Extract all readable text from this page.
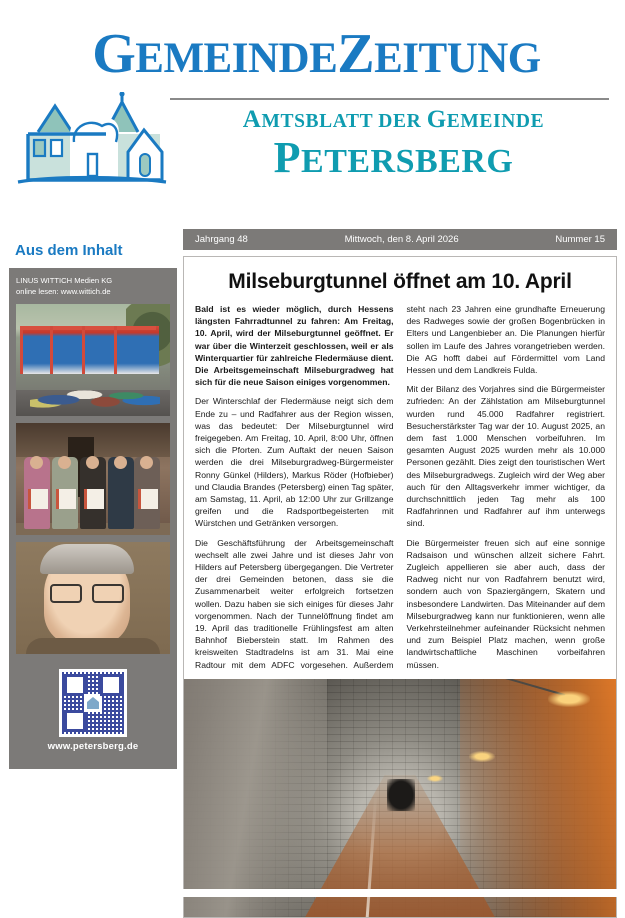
GEMEINDEZEITUNG
AMTSBLATT DER GEMEINDE
PETERSBERG
Jahrgang 48	Mittwoch, den 8. April 2026	Nummer 15
Aus dem Inhalt
LINUS WITTICH Medien KG
online lesen: www.wittich.de
www.petersberg.de
Milseburgtunnel öffnet am 10. April

Bald ist es wieder möglich, durch Hessens längsten Fahrradtunnel zu fahren: Am Freitag, 10. April, wird der Milseburgtunnel geöffnet. Er war über die Winterzeit geschlossen, weil er als Winterquartier für zahlreiche Fledermäuse dient. Die Arbeitsgemeinschaft Milseburgradweg hat sich für die neue Saison einiges vorgenommen.

Der Winterschlaf der Fledermäuse neigt sich dem Ende zu – und Radfahrer aus der Region wissen, was das bedeutet: Der Milseburgtunnel wird freigegeben. Am Freitag, 10. April, 8:00 Uhr, öffnen sich die Pforten. Zum Auftakt der neuen Saison werden die drei Milseburgradweg-Bürgermeister Ronny Günkel (Hilders), Markus Röder (Hofbieber) und Claudia Brandes (Petersberg) einen Tag später, am Samstag, 11. April, ab 12:00 Uhr zur Grillzange greifen und die Radsportbegeisterten mit Würstchen und Getränken versorgen.

Die Geschäftsführung der Arbeitsgemeinschaft wechselt alle zwei Jahre und ist dieses Jahr von Hilders auf Petersberg übergegangen. Die Vertreter der drei Gemeinden betonen, dass sie die Zusammenarbeit weiter erfolgreich fortsetzen wollen. Dazu haben sie sich einiges für dieses Jahr vorgenommen. Nach der Tunnelöffnung findet am 19. April das traditionelle Frühlingsfest am alten Bahnhof Bieberstein statt. Im Rahmen des kreisweiten Stadtradelns ist am 31. Mai eine Radtour mit dem ADFC vorgesehen. Außerdem steht nach 23 Jahren eine grundhafte Erneuerung des Radweges sowie der großen Bogenbrücken in Elters und Langenbieber an. Die Planungen hierfür sollen im Laufe des Jahres vorangetrieben werden. Die AG hofft dabei auf Fördermittel vom Land Hessen und dem Landkreis Fulda.

Mit der Bilanz des Vorjahres sind die Bürgermeister zufrieden: An der Zählstation am Milseburgtunnel wurden rund 45.000 Radfahrer registriert. Besucherstärkster Tag war der 10. August 2025, an dem fast 1.000 Menschen vorbeifuhren. Im gesamten August 2025 wurden mehr als 10.000 Personen gezählt. Dies zeigt den touristischen Wert des Milseburgradwegs. Zugleich wird der Weg aber auch für den Alltagsverkehr immer wichtiger, da durchschnittlich jeden Tag mehr als 100 Radfahrinnen und Radfahrer auf ihm unterwegs sind.

Die Bürgermeister freuen sich auf eine sonnige Radsaison und wünschen allzeit sichere Fahrt. Zugleich appellieren sie aber auch, dass der Radweg nicht nur von Radfahrern benutzt wird, sondern auch von Spaziergängern, Skatern und insbesondere Landwirten. Das Miteinander auf dem Milseburgradweg kann nur funktionieren, wenn alle Verkehrsteilnehmer aufeinander Rücksicht nehmen und zum Beispiel Platz machen, wenn große landwirtschaftliche Maschinen vorbeifahren müssen.
